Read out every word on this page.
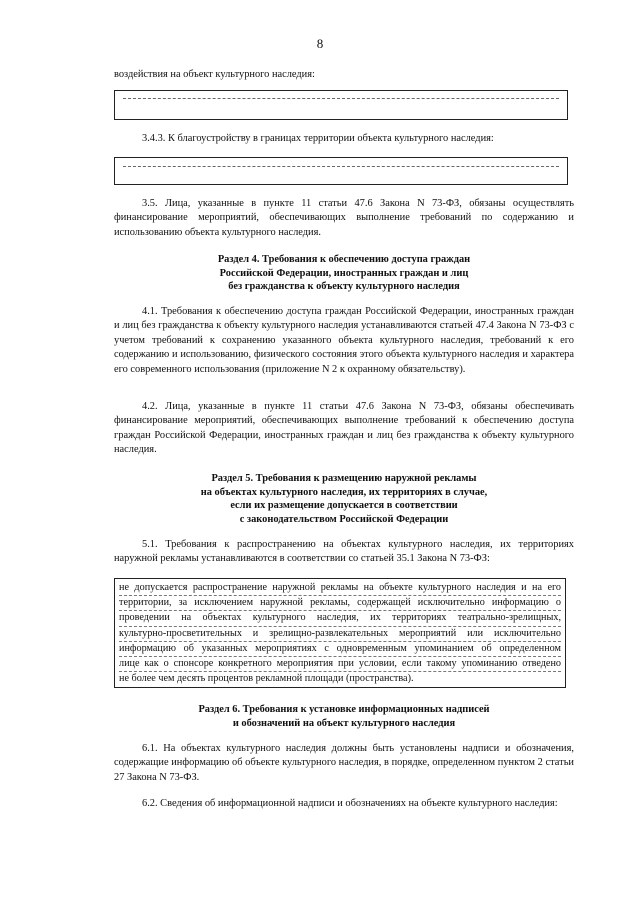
8

воздействия на объект культурного наследия:

3.4.3. К благоустройству в границах территории объекта культурного наследия:

3.5. Лица, указанные в пункте 11 статьи 47.6 Закона N 73-ФЗ, обязаны осуществлять финансирование мероприятий, обеспечивающих выполнение требований по содержанию и использованию объекта культурного наследия.

Раздел 4. Требования к обеспечению доступа граждан
Российской Федерации, иностранных граждан и лиц
без гражданства к объекту культурного наследия

4.1. Требования к обеспечению доступа граждан Российской Федерации, иностранных граждан и лиц без гражданства к объекту культурного наследия устанавливаются статьей 47.4 Закона N 73-ФЗ с учетом требований к сохранению указанного объекта культурного наследия, требований к его содержанию и использованию, физического состояния этого объекта культурного наследия и характера его современного использования (приложение N 2 к охранному обязательству).

4.2. Лица, указанные в пункте 11 статьи 47.6 Закона N 73-ФЗ, обязаны обеспечивать финансирование мероприятий, обеспечивающих выполнение требований к обеспечению доступа граждан Российской Федерации, иностранных граждан и лиц без гражданства к объекту культурного наследия.

Раздел 5. Требования к размещению наружной рекламы
на объектах культурного наследия, их территориях в случае,
если их размещение допускается в соответствии
с законодательством Российской Федерации

5.1. Требования к распространению на объектах культурного наследия, их территориях наружной рекламы устанавливаются в соответствии со статьей 35.1 Закона N 73-ФЗ:

не допускается распространение наружной рекламы на объекте культурного наследия и на его
территории, за исключением наружной рекламы, содержащей исключительно информацию о
проведении на объектах культурного наследия, их территориях театрально-зрелищных,
культурно-просветительных и зрелищно-развлекательных мероприятий или исключительно
информацию об указанных мероприятиях с одновременным упоминанием об определенном
лице как о спонсоре конкретного мероприятия при условии, если такому упоминанию отведено
не более чем десять процентов рекламной площади (пространства).

Раздел 6. Требования к установке информационных надписей
и обозначений на объект культурного наследия

6.1. На объектах культурного наследия должны быть установлены надписи и обозначения, содержащие информацию об объекте культурного наследия, в порядке, определенном пунктом 2 статьи 27 Закона N 73-ФЗ.

6.2. Сведения об информационной надписи и обозначениях на объекте культурного наследия:
